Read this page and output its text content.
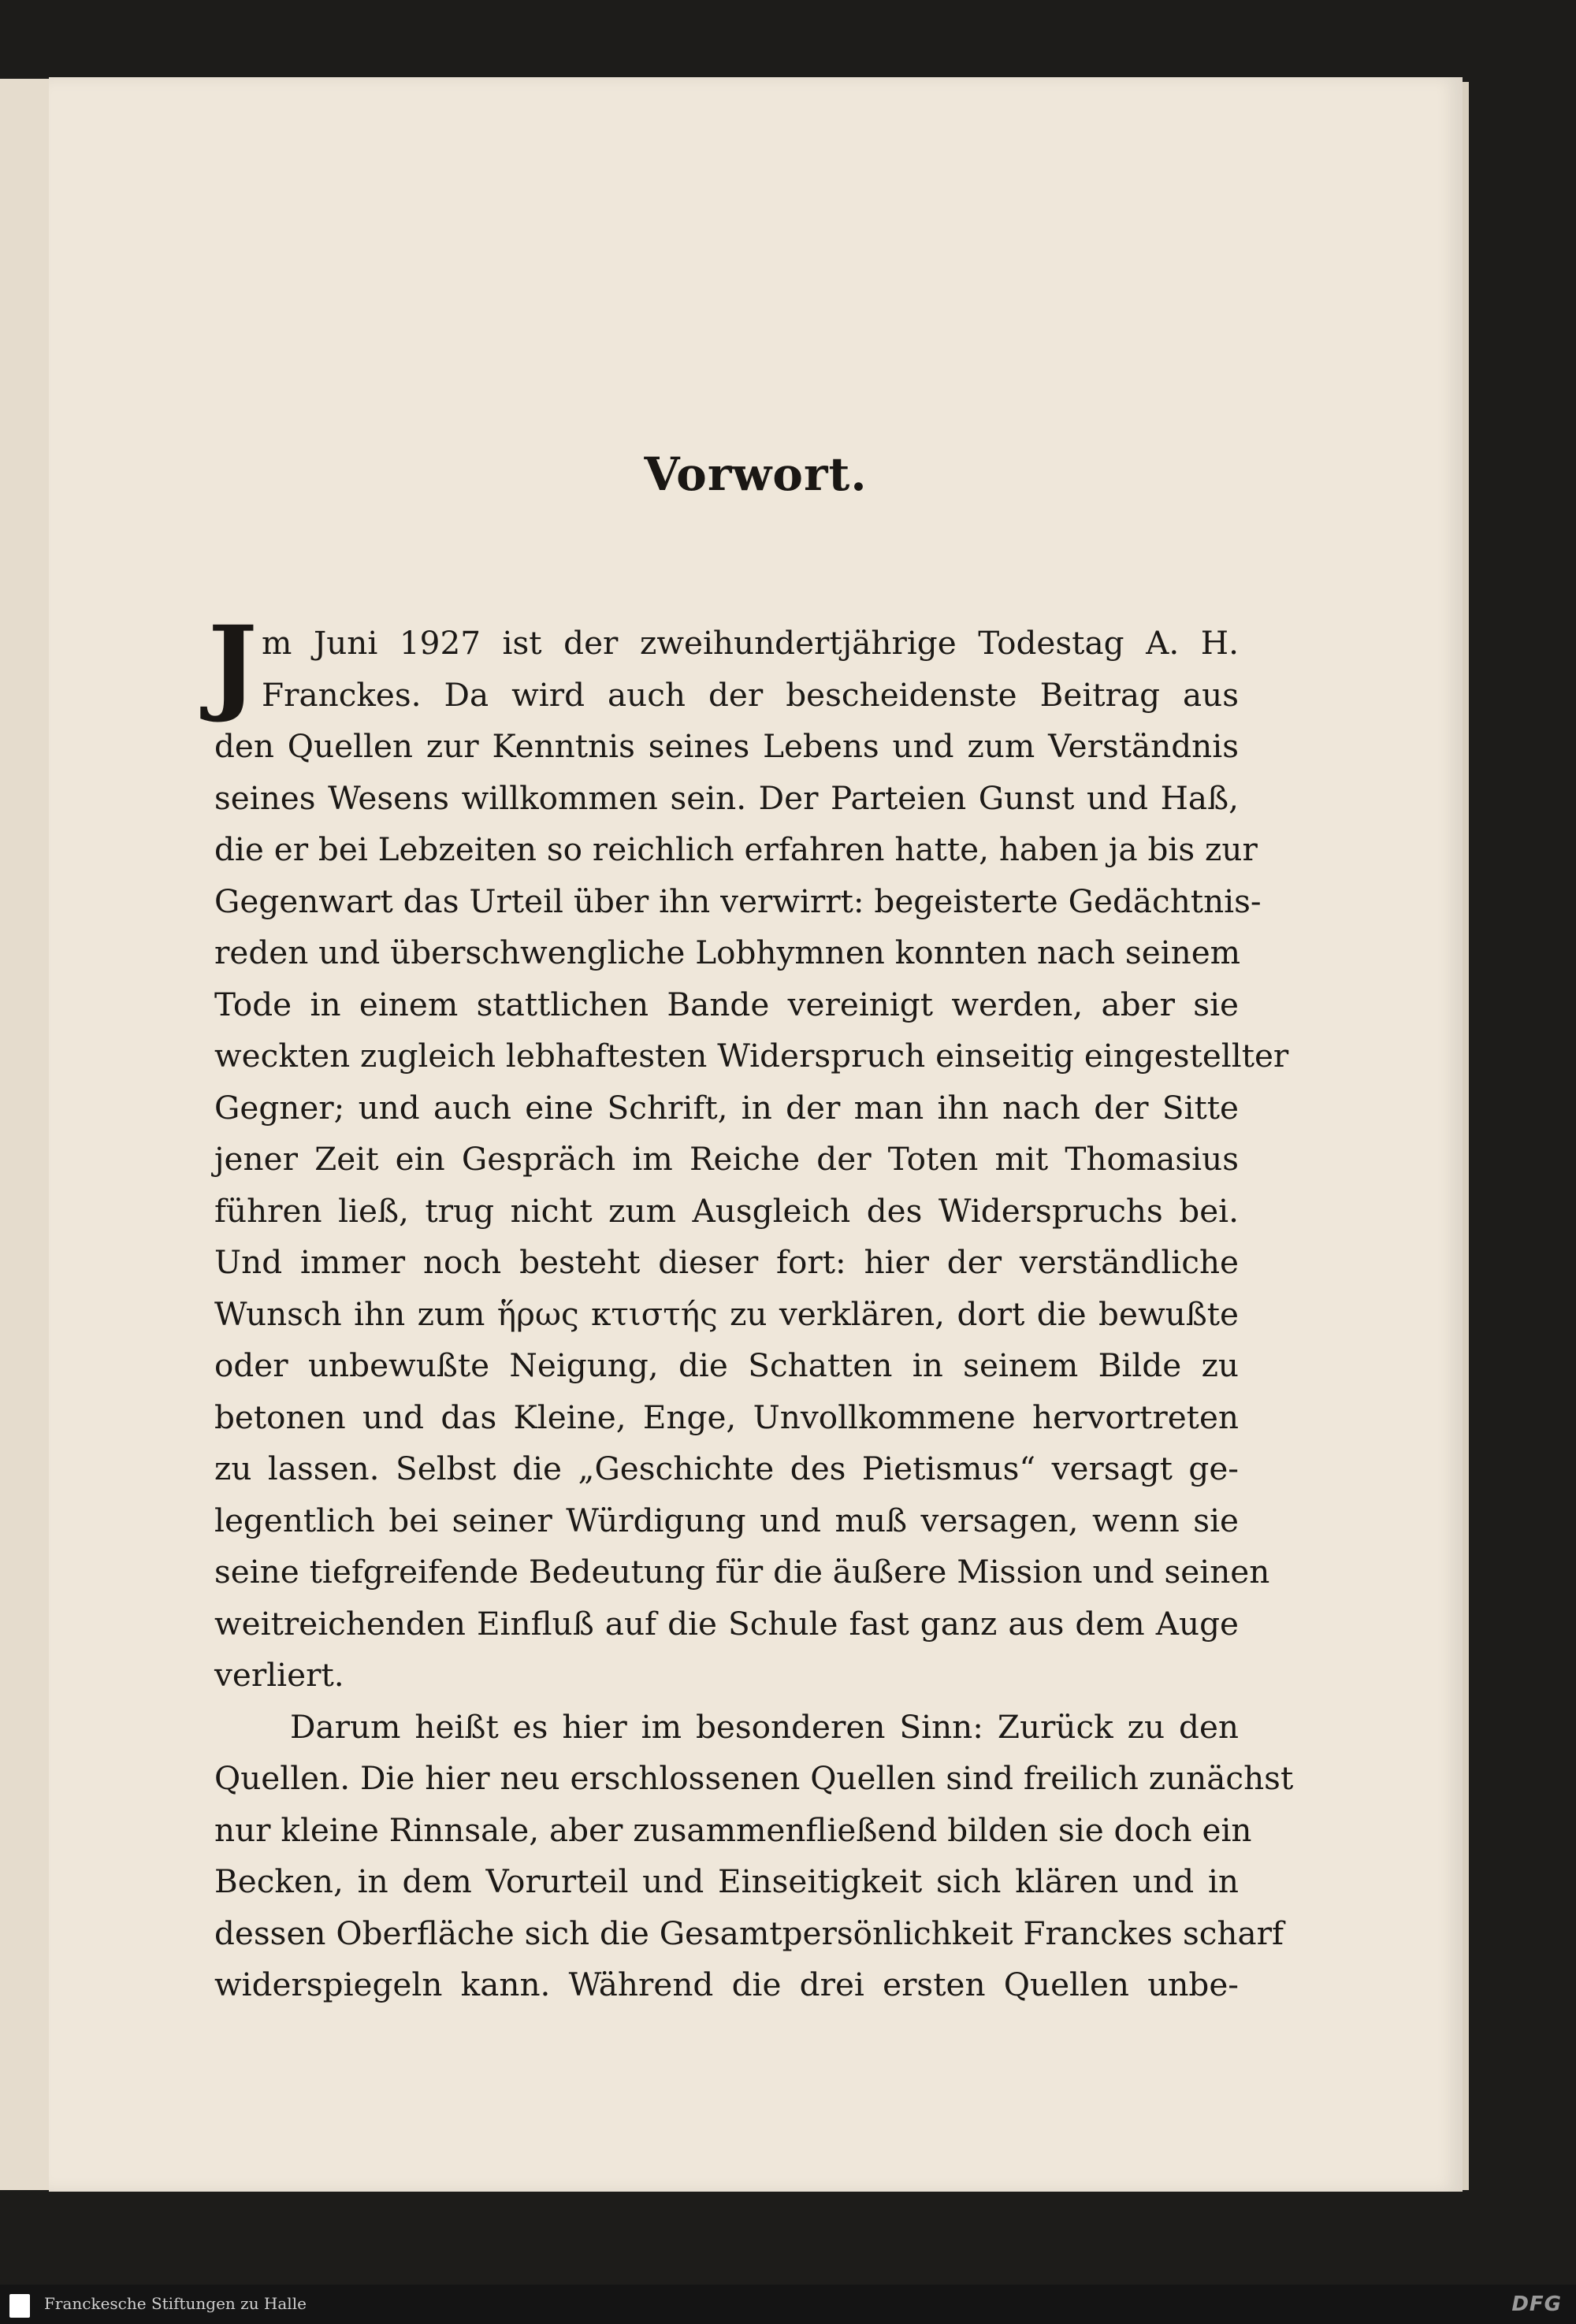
Vorwort.
J m Juni 1927 ist der zweihundertjährige Todestag A. H.
Franckes. Da wird auch der bescheidenste Beitrag aus
den Quellen zur Kenntnis seines Lebens und zum Verständnis
seines Wesens willkommen sein. Der Parteien Gunst und Haß,
die er bei Lebzeiten so reichlich erfahren hatte, haben ja bis zur
Gegenwart das Urteil über ihn verwirrt: begeisterte Gedächtnis-
reden und überschwengliche Lobhymnen konnten nach seinem
Tode in einem stattlichen Bande vereinigt werden, aber sie
weckten zugleich lebhaftesten Widerspruch einseitig eingestellter
Gegner; und auch eine Schrift, in der man ihn nach der Sitte
jener Zeit ein Gespräch im Reiche der Toten mit Thomasius
führen ließ, trug nicht zum Ausgleich des Widerspruchs bei.
Und immer noch besteht dieser fort: hier der verständliche
Wunsch ihn zum ἥρως κτιστής zu verklären, dort die bewußte
oder unbewußte Neigung, die Schatten in seinem Bilde zu
betonen und das Kleine, Enge, Unvollkommene hervortreten
zu lassen. Selbst die „Geschichte des Pietismus“ versagt ge-
legentlich bei seiner Würdigung und muß versagen, wenn sie
seine tiefgreifende Bedeutung für die äußere Mission und seinen
weitreichenden Einfluß auf die Schule fast ganz aus dem Auge
verliert.
Darum heißt es hier im besonderen Sinn: Zurück zu den
Quellen. Die hier neu erschlossenen Quellen sind freilich zunächst
nur kleine Rinnsale, aber zusammenfließend bilden sie doch ein
Becken, in dem Vorurteil und Einseitigkeit sich klären und in
dessen Oberfläche sich die Gesamtpersönlichkeit Franckes scharf
widerspiegeln kann. Während die drei ersten Quellen unbe-
Franckesche Stiftungen zu Halle	DFG
